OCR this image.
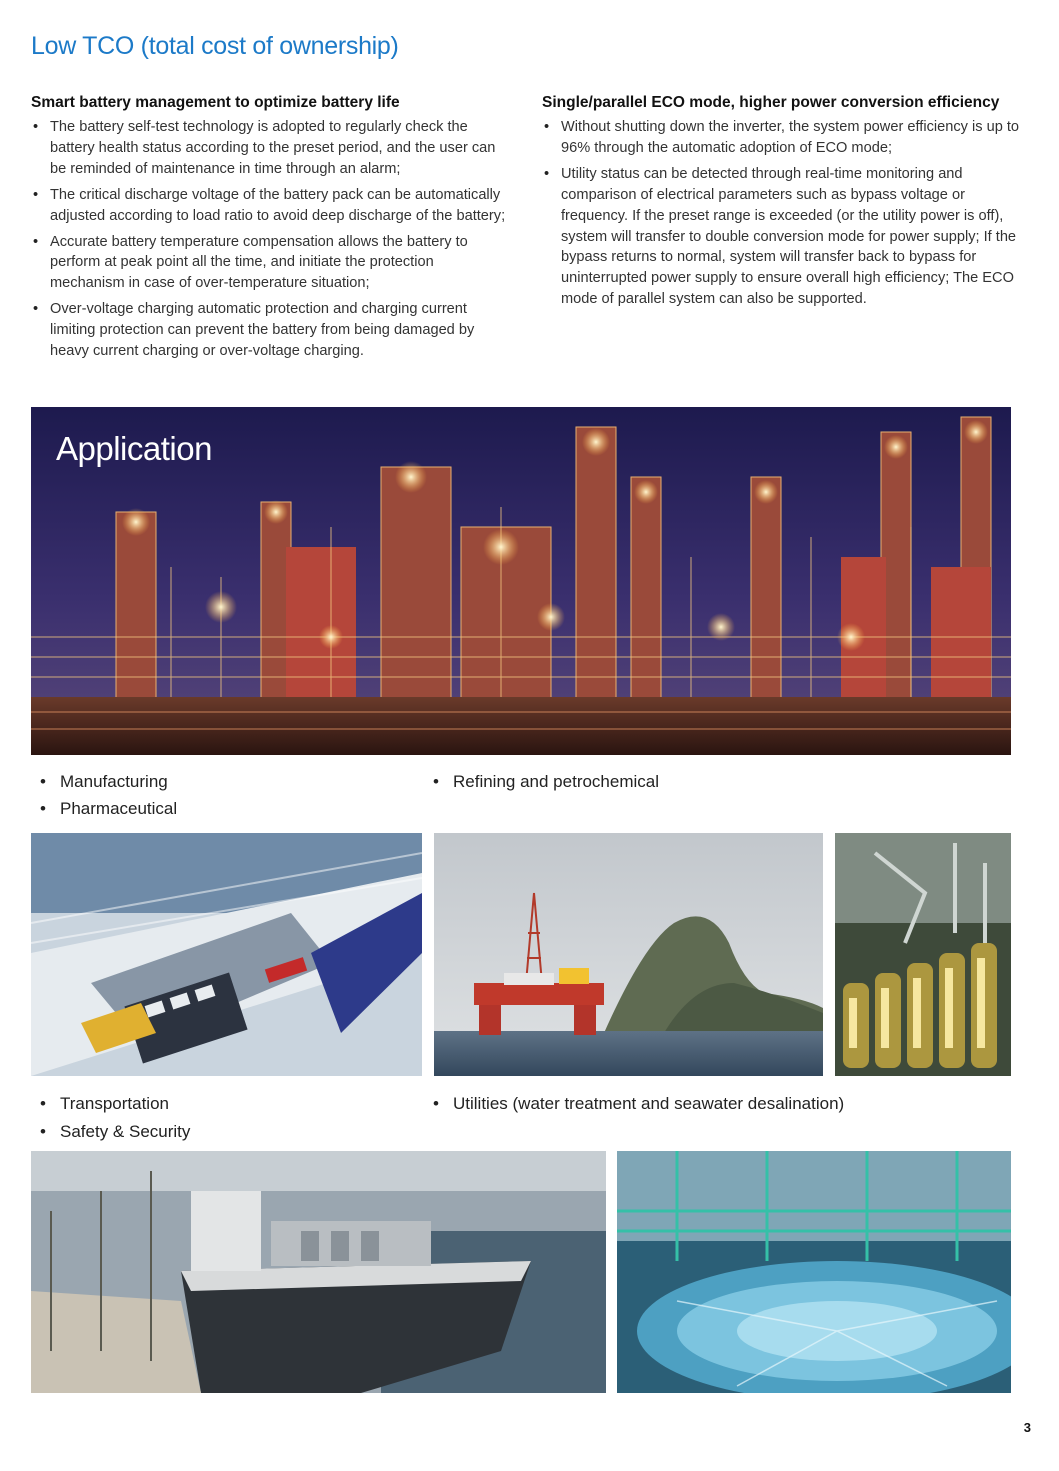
Low TCO (total cost of ownership)
Smart battery management to optimize battery life
• The battery self-test technology is adopted to regularly check the battery health status according to the preset period, and the user can be reminded of maintenance in time through an alarm;
• The critical discharge voltage of the battery pack can be automatically adjusted according to load ratio to avoid deep discharge of the battery;
• Accurate battery temperature compensation allows the battery to perform at peak point all the time, and initiate the protection mechanism in case of over-temperature situation;
• Over-voltage charging automatic protection and charging current limiting protection can prevent the battery from being damaged by heavy current charging or over-voltage charging.
Single/parallel ECO mode, higher power conversion efficiency
• Without shutting down the inverter, the system power efficiency is up to 96% through the automatic adoption of ECO mode;
• Utility status can be detected through real-time monitoring and comparison of electrical parameters such as bypass voltage or frequency. If the preset range is exceeded (or the utility power is off), system will transfer to double conversion mode for power supply; If the bypass returns to normal, system will transfer back to bypass for uninterrupted power supply to ensure overall high efficiency; The ECO mode of parallel system can also be supported.
Application
• Manufacturing
• Pharmaceutical
• Refining and petrochemical
• Transportation
• Safety & Security
• Utilities (water treatment and seawater desalination)
3
